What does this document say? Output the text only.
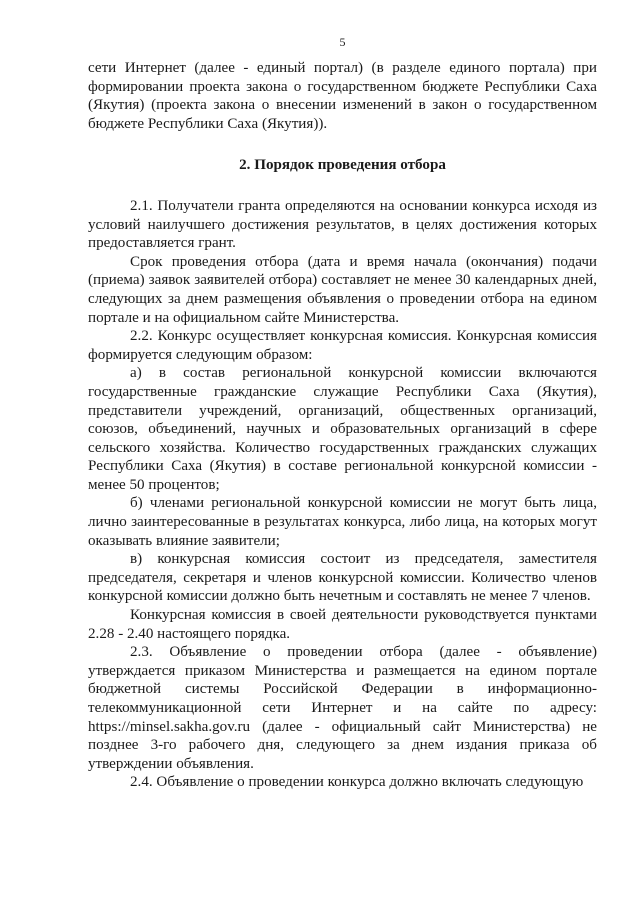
5

сети Интернет (далее - единый портал) (в разделе единого портала) при формировании проекта закона о государственном бюджете Республики Саха (Якутия) (проекта закона о внесении изменений в закон о государственном бюджете Республики Саха (Якутия)).

2. Порядок проведения отбора

2.1. Получатели гранта определяются на основании конкурса исходя из условий наилучшего достижения результатов, в целях достижения которых предоставляется грант.

Срок проведения отбора (дата и время начала (окончания) подачи (приема) заявок заявителей отбора) составляет не менее 30 календарных дней, следующих за днем размещения объявления о проведении отбора на едином портале и на официальном сайте Министерства.

2.2. Конкурс осуществляет конкурсная комиссия. Конкурсная комиссия формируется следующим образом:

а) в состав региональной конкурсной комиссии включаются государственные гражданские служащие Республики Саха (Якутия), представители учреждений, организаций, общественных организаций, союзов, объединений, научных и образовательных организаций в сфере сельского хозяйства. Количество государственных гражданских служащих Республики Саха (Якутия) в составе региональной конкурсной комиссии - менее 50 процентов;

б) членами региональной конкурсной комиссии не могут быть лица, лично заинтересованные в результатах конкурса, либо лица, на которых могут оказывать влияние заявители;

в) конкурсная комиссия состоит из председателя, заместителя председателя, секретаря и членов конкурсной комиссии. Количество членов конкурсной комиссии должно быть нечетным и составлять не менее 7 членов.

Конкурсная комиссия в своей деятельности руководствуется пунктами 2.28 - 2.40 настоящего порядка.

2.3. Объявление о проведении отбора (далее - объявление) утверждается приказом Министерства и размещается на едином портале бюджетной системы Российской Федерации в информационно-телекоммуникационной сети Интернет и на сайте по адресу: https://minsel.sakha.gov.ru (далее - официальный сайт Министерства) не позднее 3-го рабочего дня, следующего за днем издания приказа об утверждении объявления.

2.4. Объявление о проведении конкурса должно включать следующую
